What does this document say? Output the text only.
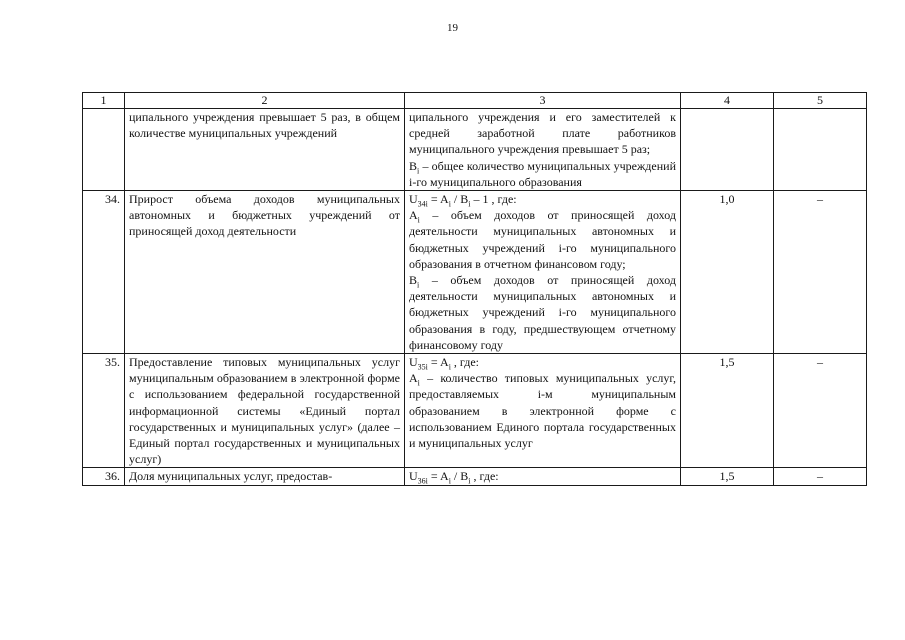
19
1	2	3	4	5
	ципального учреждения превышает 5 раз, в общем количестве муниципальных учреждений	ципального учреждения и его заместителей к средней заработной плате работников муниципального учреждения превышает 5 раз;
$B_i$ – общее количество муниципальных учреждений i-го муниципального образования		

34.	Прирост объема доходов муниципальных автономных и бюджетных учреждений от приносящей доход деятельности	$U_{34i} = A_i / B_i - 1$ , где:
$A_i$ – объем доходов от приносящей доход деятельности муниципальных автономных и бюджетных учреждений i-го муниципального образования в отчетном финансовом году;
$B_i$ – объем доходов от приносящей доход деятельности муниципальных автономных и бюджетных учреждений i-го муниципального образования в году, предшествующем отчетному финансовому году	1,0	–
35.	Предоставление типовых муниципальных услуг муниципальным образованием в электронной форме с использованием федеральной государственной информационной системы «Единый портал государственных и муниципальных услуг» (далее – Единый портал государственных и муниципальных услуг)	$U_{35i} = A_i$ , где:
$A_i$ – количество типовых муниципальных услуг, предоставляемых i-м муниципальным образованием в электронной форме с использованием Единого портала государственных и муниципальных услуг	1,5	–
36.	Доля муниципальных услуг, предостав-	$U_{36i} = A_i / B_i$ , где:	1,5	–
